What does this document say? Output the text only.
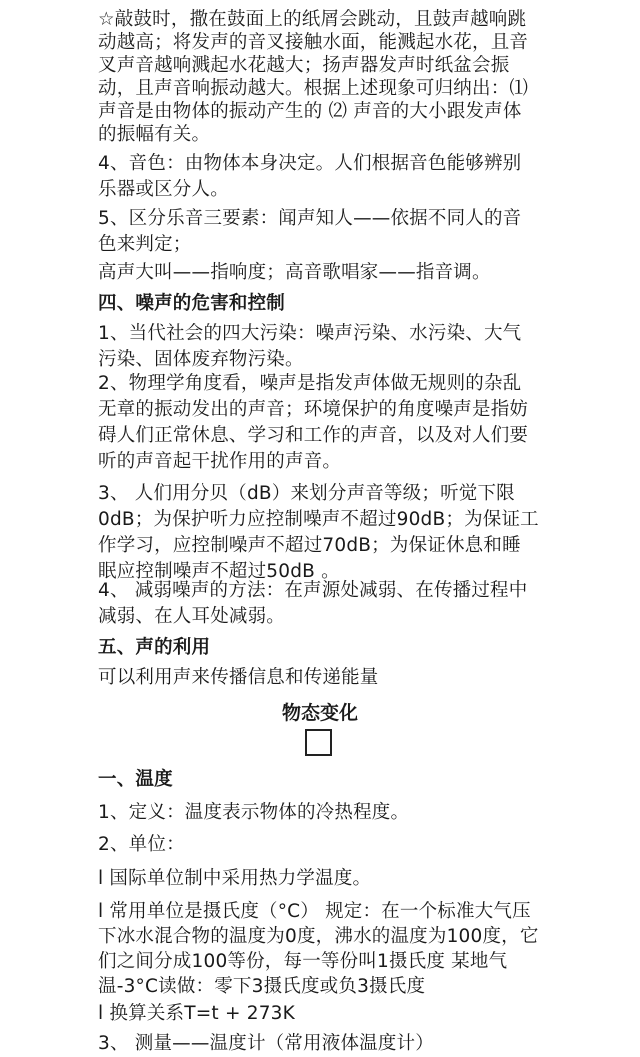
☆敲鼓时，撒在鼓面上的纸屑会跳动，且鼓声越响跳
动越高；将发声的音叉接触水面，能溅起水花，且音
叉声音越响溅起水花越大；扬声器发声时纸盆会振
动，且声音响振动越大。根据上述现象可归纳出：⑴
声音是由物体的振动产生的 ⑵ 声音的大小跟发声体
的振幅有关。
4、音色：由物体本身决定。人们根据音色能够辨别
乐器或区分人。
5、区分乐音三要素：闻声知人——依据不同人的音
色来判定；
高声大叫——指响度；高音歌唱家——指音调。
四、噪声的危害和控制
1、当代社会的四大污染：噪声污染、水污染、大气
污染、固体废弃物污染。
2、物理学角度看，噪声是指发声体做无规则的杂乱
无章的振动发出的声音；环境保护的角度噪声是指妨
碍人们正常休息、学习和工作的声音，以及对人们要
听的声音起干扰作用的声音。
3、 人们用分贝（dB）来划分声音等级；听觉下限
0dB；为保护听力应控制噪声不超过90dB；为保证工
作学习，应控制噪声不超过70dB；为保证休息和睡
眠应控制噪声不超过50dB 。
4、 减弱噪声的方法：在声源处减弱、在传播过程中
减弱、在人耳处减弱。
五、声的利用
可以利用声来传播信息和传递能量
物态变化
一、温度
1、定义：温度表示物体的冷热程度。
2、单位：
l 国际单位制中采用热力学温度。
l 常用单位是摄氏度（°C） 规定：在一个标准大气压
下冰水混合物的温度为0度，沸水的温度为100度，它
们之间分成100等份，每一等份叫1摄氏度 某地气
温-3°C读做：零下3摄氏度或负3摄氏度
l 换算关系T=t + 273K
3、 测量——温度计（常用液体温度计）
